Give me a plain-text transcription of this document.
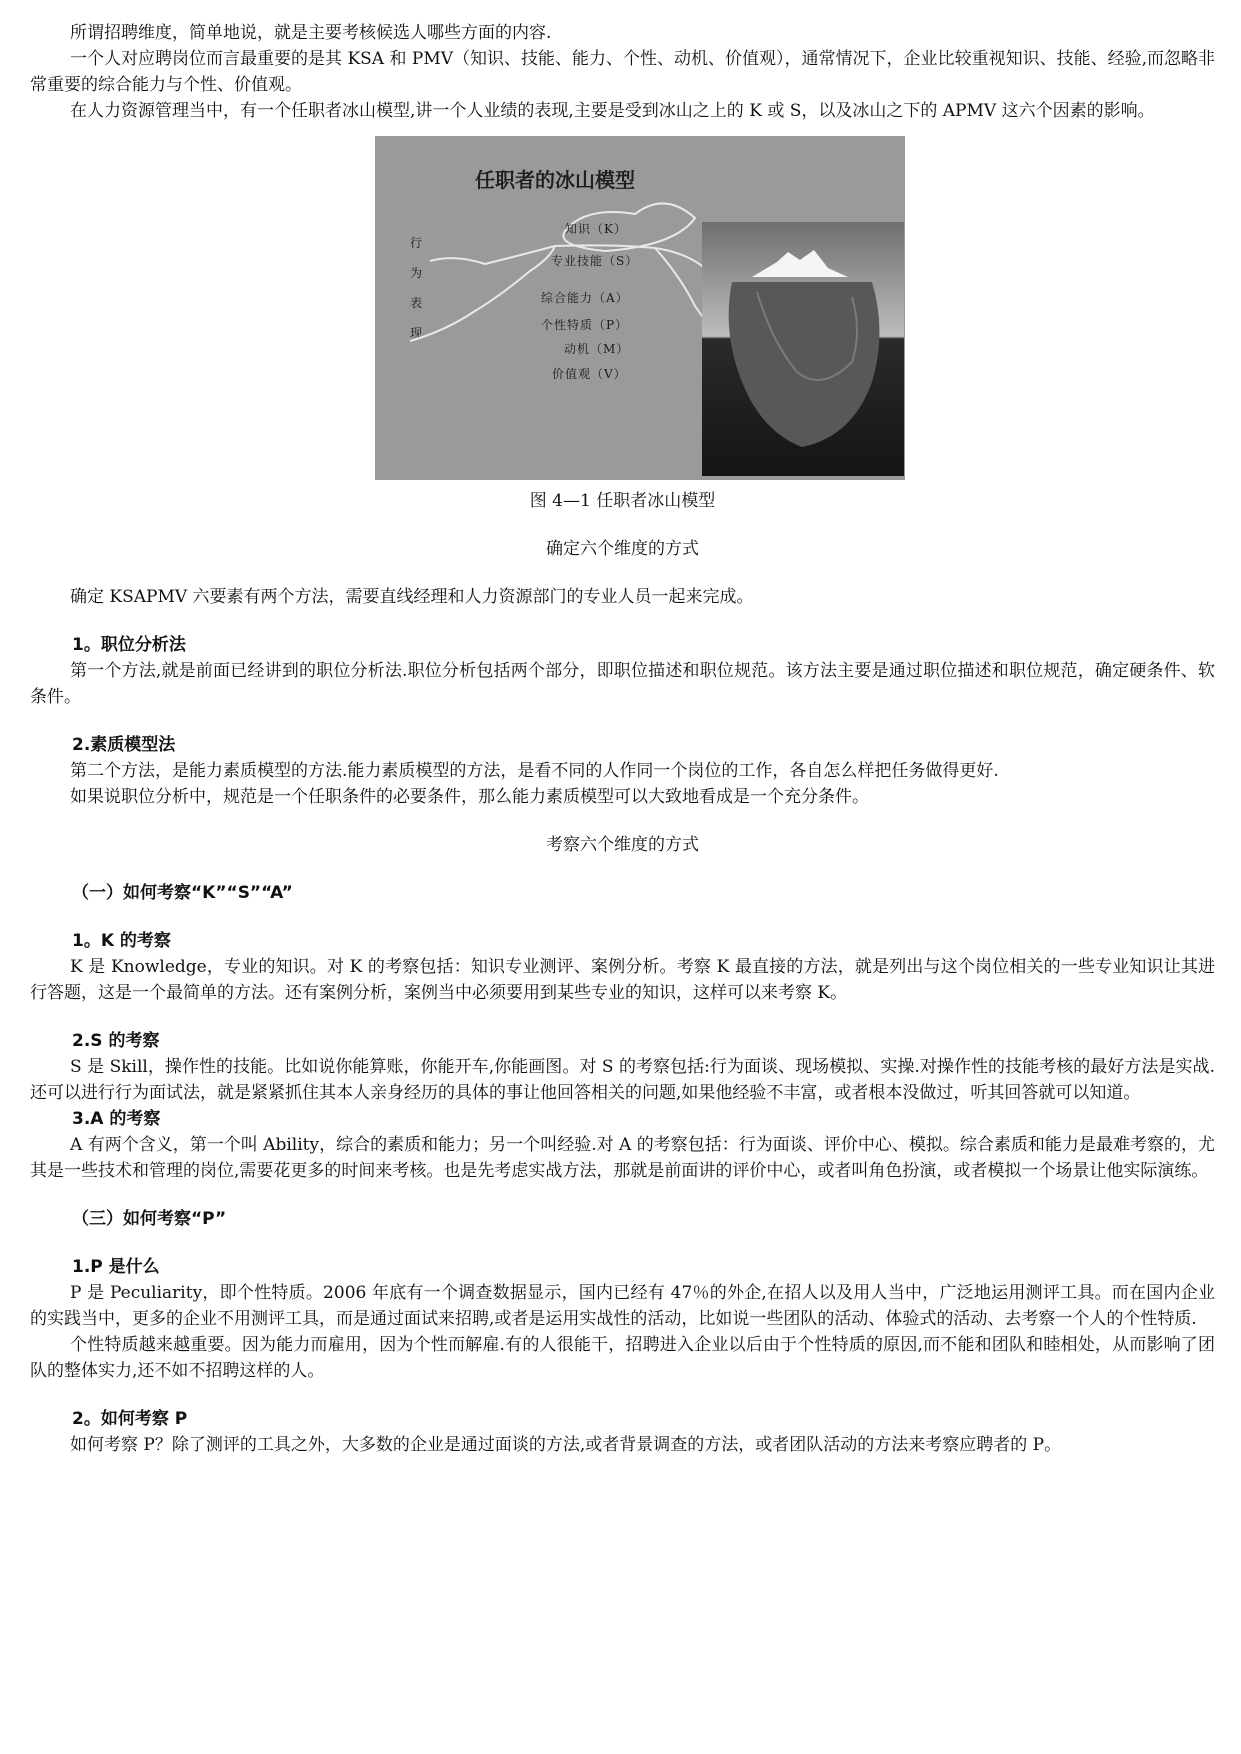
所谓招聘维度，简单地说，就是主要考核候选人哪些方面的内容.

一个人对应聘岗位而言最重要的是其 KSA 和 PMV（知识、技能、能力、个性、动机、价值观），通常情况下，企业比较重视知识、技能、经验,而忽略非常重要的综合能力与个性、价值观。

在人力资源管理当中，有一个任职者冰山模型,讲一个人业绩的表现,主要是受到冰山之上的 K 或 S，以及冰山之下的 APMV 这六个因素的影响。

任职者的冰山模型
行
为
表
现
知识（K）
专业技能（S）
综合能力（A）
个性特质（P）
动机（M）
价值观（V）

图 4—1 任职者冰山模型

确定六个维度的方式

确定 KSAPMV 六要素有两个方法，需要直线经理和人力资源部门的专业人员一起来完成。

1。职位分析法

第一个方法,就是前面已经讲到的职位分析法.职位分析包括两个部分，即职位描述和职位规范。该方法主要是通过职位描述和职位规范，确定硬条件、软条件。

2.素质模型法

第二个方法，是能力素质模型的方法.能力素质模型的方法，是看不同的人作同一个岗位的工作，各自怎么样把任务做得更好.

如果说职位分析中，规范是一个任职条件的必要条件，那么能力素质模型可以大致地看成是一个充分条件。

考察六个维度的方式

（一）如何考察“K”“S”“A”

1。K 的考察

K 是 Knowledge，专业的知识。对 K 的考察包括：知识专业测评、案例分析。考察 K 最直接的方法，就是列出与这个岗位相关的一些专业知识让其进行答题，这是一个最简单的方法。还有案例分析，案例当中必须要用到某些专业的知识，这样可以来考察 K。

2.S 的考察

S 是 Skill，操作性的技能。比如说你能算账，你能开车,你能画图。对 S 的考察包括:行为面谈、现场模拟、实操.对操作性的技能考核的最好方法是实战.还可以进行行为面试法，就是紧紧抓住其本人亲身经历的具体的事让他回答相关的问题,如果他经验不丰富，或者根本没做过，听其回答就可以知道。

3.A 的考察

A 有两个含义，第一个叫 Ability，综合的素质和能力；另一个叫经验.对 A 的考察包括：行为面谈、评价中心、模拟。综合素质和能力是最难考察的，尤其是一些技术和管理的岗位,需要花更多的时间来考核。也是先考虑实战方法，那就是前面讲的评价中心，或者叫角色扮演，或者模拟一个场景让他实际演练。

（三）如何考察“P”

1.P 是什么

P 是 Peculiarity，即个性特质。2006 年底有一个调查数据显示，国内已经有 47％的外企,在招人以及用人当中，广泛地运用测评工具。而在国内企业的实践当中，更多的企业不用测评工具，而是通过面试来招聘,或者是运用实战性的活动，比如说一些团队的活动、体验式的活动、去考察一个人的个性特质.

个性特质越来越重要。因为能力而雇用，因为个性而解雇.有的人很能干，招聘进入企业以后由于个性特质的原因,而不能和团队和睦相处，从而影响了团队的整体实力,还不如不招聘这样的人。

2。如何考察 P

如何考察 P？除了测评的工具之外，大多数的企业是通过面谈的方法,或者背景调查的方法，或者团队活动的方法来考察应聘者的 P。
